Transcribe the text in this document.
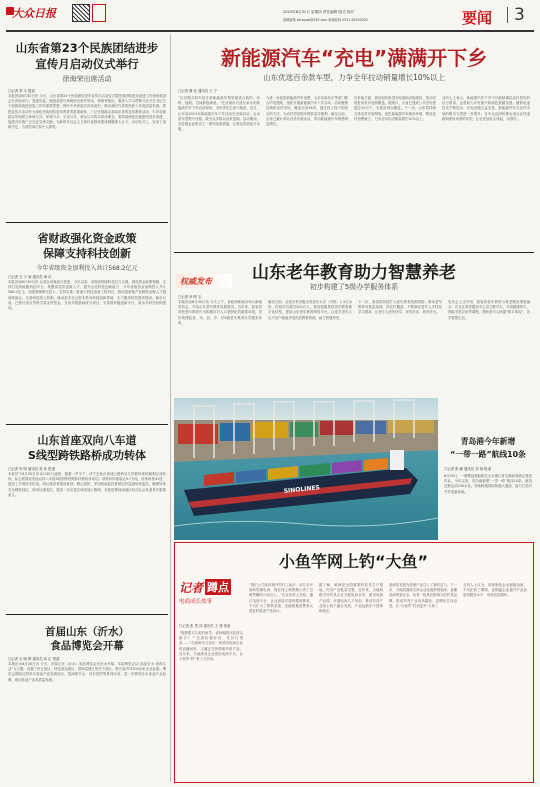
大众日报	2023年8月31日 星期四 责任编辑 版式 校对
投稿邮箱 dzrbywb@163.com 新闻热线 0531-85193000	要闻 3
山东省第23个民族团结进步
宣传月启动仪式举行
徐海荣出席活动
□记者 李 丰 报道
本报济南8月30日讯 今天，山东省第23个民族团结进步宣传月启动仪式暨民族团结进步创建工作现场推进会在济南举行。省委常委、统战部部长徐海荣出席并讲话。徐海荣指出，要深入学习贯彻习近平总书记关于加强和改进民族工作的重要思想，铸牢中华民族共同体意识，推动新时代党的民族工作高质量发展。要把宣传月活动作为深化民族团结进步教育的重要载体，广泛开展群众喜闻乐见的宣传教育活动，引导各族群众牢固树立休戚与共、荣辱与共、生死与共、命运与共的共同体理念。要持续深化民族团结进步创建，促进各民族广泛交往交流交融，为新时代社会主义现代化强省建设凝聚强大合力。启动仪式上，宣读了表彰决定，为获奖单位和个人颁奖。
省财政强化资金政策
保障支持科技创新
今年省级资金加利投入共计568.2亿元
□记者 石 少 庭 通讯员 徐 庆
本报济南8月30日讯 记者从省财政厅获悉，今年以来，省财政围绕科技自立自强，强化资金政策保障，支持打造高能级科创平台、集聚高层次创新人才、提升企业科技创新能力，今年省级资金加利投入共计568.2亿元。加强基础研究投入，支持实施一批重大科技创新工程项目，推动创新链产业链资金链人才链深度融合。完善科技投入机制，撬动更多社会资本投向科技创新领域，全力服务科技强省建设。截至目前，已拨付省自然科学基金等资金，支持开展基础研究项目，支持国家级创新平台、高水平研究机构建设。
山东首座双向八车道
S线型跨铁路桥成功转体
□记者 李 明 通讯员 张 伟 报道
本报济宁8月30日讯 8月30日凌晨，随着一声令下，济宁至鱼台高速公路跨京九铁路转体桥顺利完成转体，标志着我省首座双向八车道S线型跨铁路转体桥转体成功。该桥转体重量达3.7万吨，转体角度41度，创造了多项技术纪录。项目建设者提前谋划，精心组织，采用智能监控系统实时监测转体姿态，确保转体安全精准到位。该项目建成后，将进一步完善区域高速公路网，对促进鲁西南地区经济社会发展具有重要意义。
首届山东（沂水）
食品博览会开幕
□记者 石 晓 辉 通讯员 孙 正 报道
本报沂水8月30日讯 今天，首届山东（沂水）食品博览会在沂水开幕。本届博览会以“品质沂水·食尚生活”为主题，设置了综合展区、特色食品展区、预制菜展区等多个展区，吸引省内外300余家企业参展。博览会期间还将举办食品产业发展论坛、招商推介会、项目签约等系列活动，进一步擦亮沂水食品产业品牌，推动食品产业高质量发展。
新能源汽车“充电”满满开下乡
山东优选百余款车型，力争全年拉动销量增长10%以上
□记者 谭 佳 通讯员 王 宁
“这次购买的车是多款新能源车型里最适合我的，价格、续航、空间都很满意。”在济南市长清区举办的新能源汽车下乡活动现场，市民李先生高兴地说。近日，山东省2023年新能源汽车下乡活动在济南启动，百余款车型集中亮相，吸引众多群众前来选购。活动期间，各参展企业推出了一系列优惠措施，让群众得到更多实惠。
为进一步促进新能源汽车消费，山东省商务厅等部门联合印发通知，组织开展新能源汽车下乡活动。活动聚焦县域和农村市场，覆盖全省16市，通过线上线下相结合的方式，为农村居民购车提供更多便利。截至目前，全省已累计举办各类车展活动，带动新能源汽车销售明显增长。
在补能方面，我省加快推进充电基础设施建设，推动充电桩向县乡延伸覆盖。据统计，全省已建成公共充电桩超过10万个，实现县域全覆盖。下一步，山东将持续完善农村充电网络，优化新能源汽车使用环境，释放农村消费潜力，力争全年拉动销量增长10%以上。
业内人士表示，新能源汽车下乡不仅能够满足农村居民的出行需求，还将助力乡村振兴和绿色低碳发展。随着电池技术不断进步、充电设施日益完善，新能源汽车在农村市场的吸引力将进一步提升。各车企也纷纷推出适合农村道路和使用场景的车型，让农民朋友买得起、用得好。
山东老年教育助力智慧养老
初步构建了5级办学服务体系
权威发布
□记者 李 明 玉
本报济南8月30日讯 今天上午，省政府新闻办举行新闻发布会，介绍山东老年教育发展情况。近年来，我省坚持把老年教育作为积极应对人口老龄化的重要举措，初步构建起省、市、县、乡、村5级老年教育办学服务体系。
截至目前，全省共有各级各类老年大学（学校）1.3万余所，在校学员超过200万人。我省积极推进老年教育数字化转型，建设山东老年教育网络平台，让更多老年人足不出户就能享受优质教育资源，助力智慧养老。
下一步，我省将持续扩大老年教育资源供给，推动老年教育向基层延伸、向农村覆盖，不断满足老年人多样化学习需求，让老年人老有所学、老有所乐、老有所为。
发布会上还介绍，我省将老年教育与养老服务深度融合，在社区养老服务中心设立教学点，开设健康养生、智能手机应用等课程，帮助老年人跨越“数字鸿沟”，乐享智慧生活。
SINOLINES
青岛港今年新增
“一带一路”航线10条
□记者 张 鹏 通讯员 刘 林 报道
8月30日，一艘集装箱船舶在山东港口青岛港前湾港区靠泊作业。今年以来，青岛港新增“一带一路”航线10条，航线总数达到230余条，持续畅通国际物流大通道，助力打造对外开放新高地。
小鱼竿网上钓“大鱼”
记者 蹲点
电商成长故事
□记者 张 思 泽 通讯员 王 建 报道
“我想要买几根钓鱼竿，请问哪款比较适合新手？”“这款轻便好用，性价比很高……”在威海市文登区一家渔具电商企业的直播间里，主播正在热情地介绍产品。近年来，当地渔具企业借助电商平台，让小鱼竿“钓”来了大市场。
“我们公司从传统外贸代工起步，前几年开始转型做电商，现在线上销售额占到了总销售额的六成以上。”企业负责人介绍，通过电商平台，企业直接对接终端消费者，不仅扩大了销售渠道，还能根据消费者反馈及时改进产品设计。
据了解，威海是全国重要的钓具生产基地，钓具产业链条完整。近年来，当地积极引导钓具企业开展电商业务，建设电商产业园，开展电商人才培训，推动钓具产业线上线下融合发展，产品远销多个国家和地区。
电商的发展为传统产业注入了新的活力。下一步，当地将继续支持企业拓展跨境电商、直播电商等新业态，培育一批具有影响力的钓具品牌，推动钓具产业向高端化、品牌化方向迈进，让“小鱼竿”钓到更多“大鱼”。
业内人士认为，传统制造企业拥抱电商，不仅拓宽了销路，更倒逼企业提升产品品质和服务水平，形成良性循环。
